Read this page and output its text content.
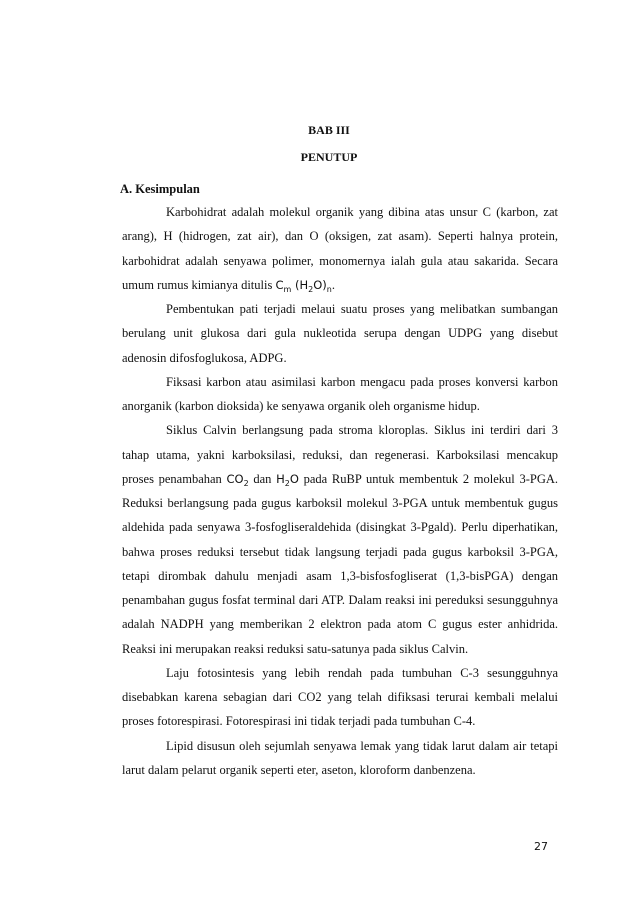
BAB III
PENUTUP
A. Kesimpulan

Karbohidrat adalah molekul organik yang dibina atas unsur C (karbon, zat arang), H (hidrogen, zat air), dan O (oksigen, zat asam). Seperti halnya protein, karbohidrat adalah senyawa polimer, monomernya ialah gula atau sakarida. Secara umum rumus kimianya ditulis $C_m$ $(H_2O)_n$.

Pembentukan pati terjadi melaui suatu proses yang melibatkan sumbangan berulang unit glukosa dari gula nukleotida serupa dengan UDPG yang disebut adenosin difosfoglukosa, ADPG.

Fiksasi karbon atau asimilasi karbon mengacu pada proses konversi karbon anorganik (karbon dioksida) ke senyawa organik oleh organisme hidup.

Siklus Calvin berlangsung pada stroma kloroplas. Siklus ini terdiri dari 3 tahap utama, yakni karboksilasi, reduksi, dan regenerasi. Karboksilasi mencakup proses penambahan $CO_2$ dan $H_2O$ pada RuBP untuk membentuk 2 molekul 3-PGA. Reduksi berlangsung pada gugus karboksil molekul 3-PGA untuk membentuk gugus aldehida pada senyawa 3-fosfogliseraldehida (disingkat 3-Pgald). Perlu diperhatikan, bahwa proses reduksi tersebut tidak langsung terjadi pada gugus karboksil 3-PGA, tetapi dirombak dahulu menjadi asam 1,3-bisfosfogliserat (1,3-bisPGA) dengan penambahan gugus fosfat terminal dari ATP. Dalam reaksi ini pereduksi sesungguhnya adalah NADPH yang memberikan 2 elektron pada atom C gugus ester anhidrida. Reaksi ini merupakan reaksi reduksi satu-satunya pada siklus Calvin.

Laju fotosintesis yang lebih rendah pada tumbuhan C-3 sesungguhnya disebabkan karena sebagian dari CO2 yang telah difiksasi terurai kembali melalui proses fotorespirasi. Fotorespirasi ini tidak terjadi pada tumbuhan C-4.

Lipid disusun oleh sejumlah senyawa lemak yang tidak larut dalam air tetapi larut dalam pelarut organik seperti eter, aseton, kloroform danbenzena.

27
